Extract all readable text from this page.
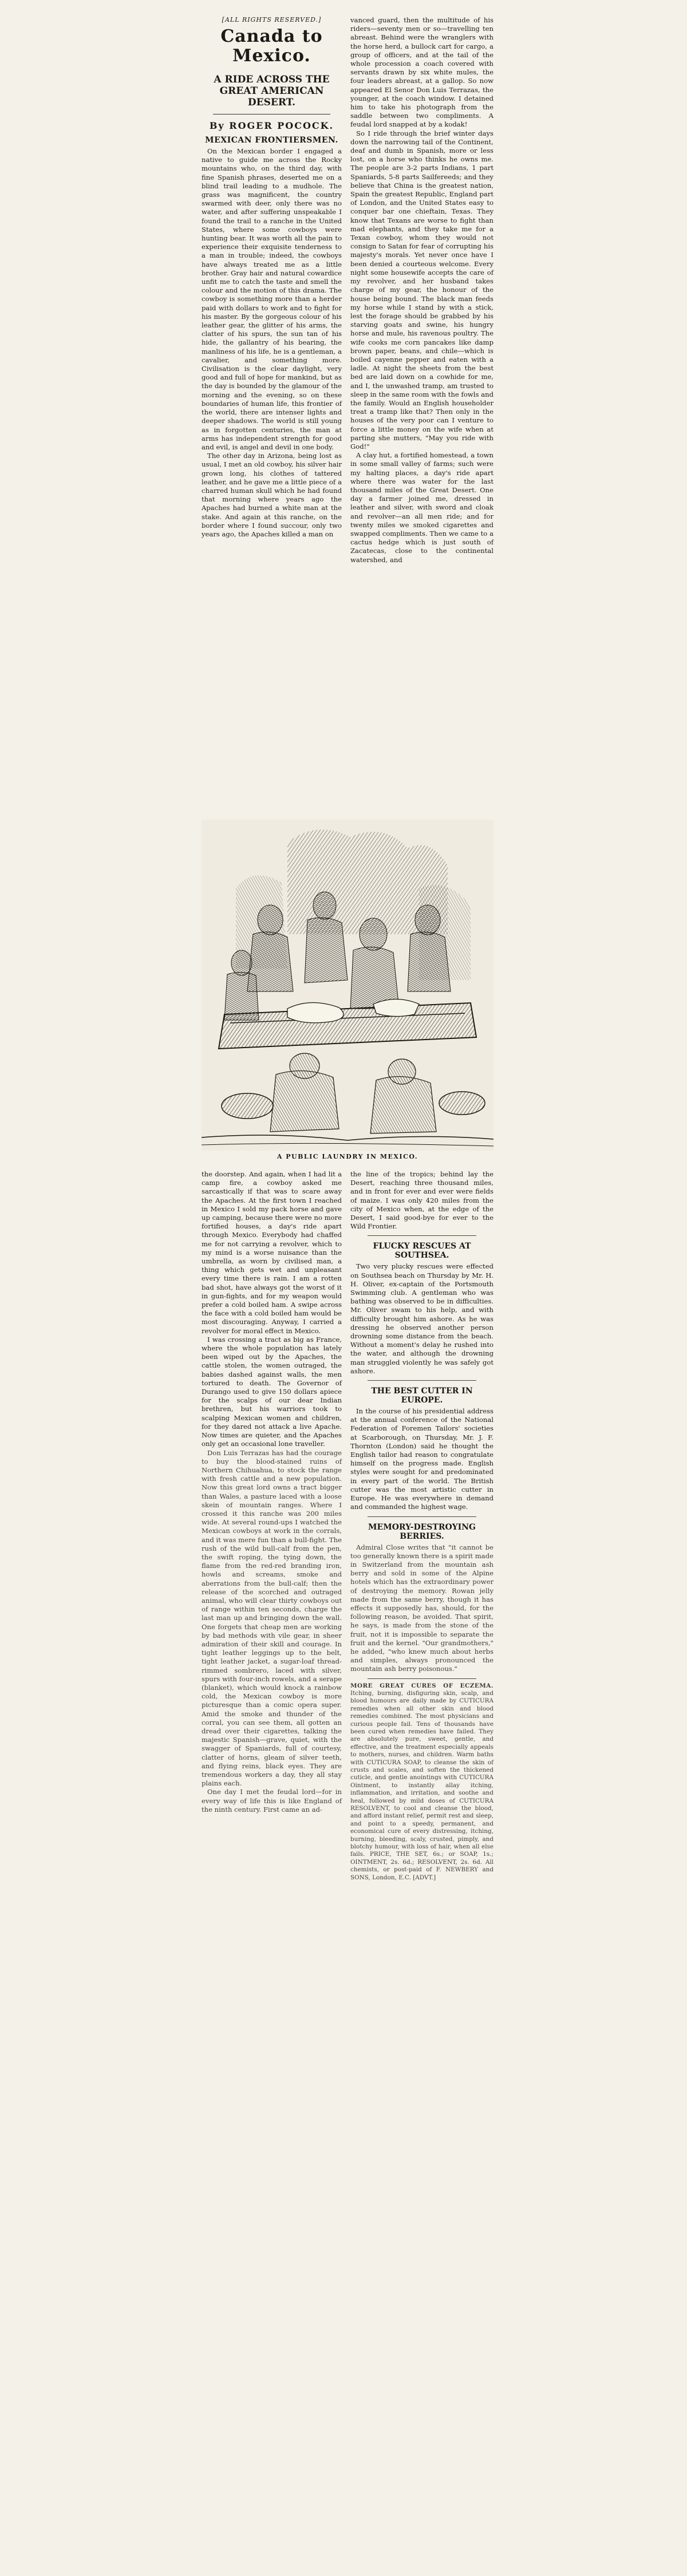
[ALL RIGHTS RESERVED.]
Canada to Mexico.
A RIDE ACROSS THE GREAT AMERICAN DESERT.
By ROGER POCOCK.
MEXICAN FRONTIERSMEN.

On the Mexican border I engaged a native to guide me across the Rocky mountains who, on the third day, with fine Spanish phrases, deserted me on a blind trail leading to a mudhole. The grass was magnificent, the country swarmed with deer, only there was no water, and after suffering unspeakable I found the trail to a ranche in the United States, where some cowboys were hunting bear. It was worth all the pain to experience their exquisite tenderness to a man in trouble; indeed, the cowboys have always treated me as a little brother. Gray hair and natural cowardice unfit me to catch the taste and smell the colour and the motion of this drama. The cowboy is something more than a herder paid with dollars to work and to fight for his master. By the gorgeous colour of his leather gear, the glitter of his arms, the clatter of his spurs, the sun tan of his hide, the gallantry of his bearing, the manliness of his life, he is a gentleman, a cavalier, and something more. Civilisation is the clear daylight, very good and full of hope for mankind, but as the day is bounded by the glamour of the morning and the evening, so on these boundaries of human life, this frontier of the world, there are intenser lights and deeper shadows. The world is still young as in forgotten centuries, the man at arms has independent strength for good and evil, is angel and devil in one body.

The other day in Arizona, being lost as usual, I met an old cowboy, his silver hair grown long, his clothes of tattered leather, and he gave me a little piece of a charred human skull which he had found that morning where years ago the Apaches had burned a white man at the stake. And again at this ranche, on the border where I found succour, only two years ago, the Apaches killed a man on

vanced guard, then the multitude of his riders—seventy men or so—travelling ten abreast. Behind were the wranglers with the horse herd, a bullock cart for cargo, a group of officers, and at the tail of the whole procession a coach covered with servants drawn by six white mules, the four leaders abreast, at a gallop. So now appeared El Senor Don Luis Terrazas, the younger, at the coach window. I detained him to take his photograph from the saddle between two compliments. A feudal lord snapped at by a kodak!

So I ride through the brief winter days down the narrowing tail of the Continent, deaf and dumb in Spanish, more or less lost, on a horse who thinks he owns me. The people are 3-2 parts Indians, 1 part Spaniards, 5-8 parts Sailfereeds; and they believe that China is the greatest nation, Spain the greatest Republic, England part of London, and the United States easy to conquer bar one chieftain, Texas. They know that Texans are worse to fight than mad elephants, and they take me for a Texan cowboy, whom they would not consign to Satan for fear of corrupting his majesty's morals. Yet never once have I been denied a courteous welcome. Every night some housewife accepts the care of my revolver, and her husband takes charge of my gear, the honour of the house being bound. The black man feeds my horse while I stand by with a stick, lest the forage should be grabbed by his starving goats and swine, his hungry horse and mule, his ravenous poultry. The wife cooks me corn pancakes like damp brown paper, beans, and chile—which is boiled cayenne pepper and eaten with a ladle. At night the sheets from the best bed are laid down on a cowhide for me, and I, the unwashed tramp, am trusted to sleep in the same room with the fowls and the family. Would an English householder treat a tramp like that? Then only in the houses of the very poor can I venture to force a little money on the wife when at parting she mutters, "May you ride with God!"

A clay hut, a fortified homestead, a town in some small valley of farms; such were my halting places, a day's ride apart where there was water for the last thousand miles of the Great Desert. One day a farmer joined me, dressed in leather and silver, with sword and cloak and revolver—an all men ride; and for twenty miles we smoked cigarettes and swapped compliments. Then we came to a cactus hedge which is just south of Zacatecas, close to the continental watershed, and

A PUBLIC LAUNDRY IN MEXICO.

the doorstep. And again, when I had lit a camp fire, a cowboy asked me sarcastically if that was to scare away the Apaches. At the first town I reached in Mexico I sold my pack horse and gave up camping, because there were no more fortified houses, a day's ride apart through Mexico. Everybody had chaffed me for not carrying a revolver, which to my mind is a worse nuisance than the umbrella, as worn by civilised man, a thing which gets wet and unpleasant every time there is rain. I am a rotten bad shot, have always got the worst of it in gun-fights, and for my weapon would prefer a cold boiled ham. A swipe across the face with a cold boiled ham would be most discouraging. Anyway, I carried a revolver for moral effect in Mexico.

I was crossing a tract as big as France, where the whole population has lately been wiped out by the Apaches, the cattle stolen, the women outraged, the babies dashed against walls, the men tortured to death. The Governor of Durango used to give 150 dollars apiece for the scalps of our dear Indian brethren, but his warriors took to scalping Mexican women and children, for they dared not attack a live Apache. Now times are quieter, and the Apaches only get an occasional lone traveller.

Don Luis Terrazas has had the courage to buy the blood-stained ruins of Northern Chihuahua, to stock the range with fresh cattle and a new population. Now this great lord owns a tract bigger than Wales, a pasture laced with a loose skein of mountain ranges. Where I crossed it this ranche was 200 miles wide. At several round-ups I watched the Mexican cowboys at work in the corrals, and it was mere fun than a bull-fight. The rush of the wild bull-calf from the pen, the swift roping, the tying down, the flame from the red-red branding iron, howls and screams, smoke and aberrations from the bull-calf; then the release of the scorched and outraged animal, who will clear thirty cowboys out of range within ten seconds, charge the last man up and bringing down the wall. One forgets that cheap men are working by bad methods with vile gear, in sheer admiration of their skill and courage. In tight leather leggings up to the belt, tight leather jacket, a sugar-loaf thread-rimmed sombrero, laced with silver, spurs with four-inch rowels, and a serape (blanket), which would knock a rainbow cold, the Mexican cowboy is more picturesque than a comic opera super. Amid the smoke and thunder of the corral, you can see them, all gotten an dread over their cigarettes, talking the majestic Spanish—grave, quiet, with the swagger of Spaniards, full of courtesy, clatter of horns, gleam of silver teeth, and flying reins, black eyes. They are tremendous workers a day, they all stay plains each.

One day I met the feudal lord—for in every way of life this is like England of the ninth century. First came an ad-

the line of the tropics; behind lay the Desert, reaching three thousand miles, and in front for ever and ever were fields of maize. I was only 420 miles from the city of Mexico when, at the edge of the Desert, I said good-bye for ever to the Wild Frontier.

FLUCKY RESCUES AT SOUTHSEA.

Two very plucky rescues were effected on Southsea beach on Thursday by Mr. H. H. Oliver, ex-captain of the Portsmouth Swimming club. A gentleman who was bathing was observed to be in difficulties. Mr. Oliver swam to his help, and with difficulty brought him ashore. As he was dressing he observed another person drowning some distance from the beach. Without a moment's delay he rushed into the water, and although the drowning man struggled violently he was safely got ashore.

THE BEST CUTTER IN EUROPE.

In the course of his presidential address at the annual conference of the National Federation of Foremen Tailors' societies at Scarborough, on Thursday, Mr. J. F. Thornton (London) said he thought the English tailor had reason to congratulate himself on the progress made. English styles were sought for and predominated in every part of the world. The British cutter was the most artistic cutter in Europe. He was everywhere in demand and commanded the highest wage.

MEMORY-DESTROYING BERRIES.

Admiral Close writes that "it cannot be too generally known there is a spirit made in Switzerland from the mountain ash berry and sold in some of the Alpine hotels which has the extraordinary power of destroying the memory. Rowan jelly made from the same berry, though it has effects it supposedly has, should, for the following reason, be avoided. That spirit, he says, is made from the stone of the fruit, not it is impossible to separate the fruit and the kernel. "Our grandmothers," he added, "who knew much about herbs and simples, always pronounced the mountain ash berry poisonous."

MORE GREAT CURES OF ECZEMA. Itching, burning, disfiguring skin, scalp, and blood humours are daily made by CUTICURA remedies when all other skin and blood remedies combined. The most physicians and curious people fail. Tens of thousands have been cured when remedies have failed. They are absolutely pure, sweet, gentle, and effective, and the treatment especially appeals to mothers, nurses, and children. Warm baths with CUTICURA SOAP, to cleanse the skin of crusts and scales, and soften the thickened cuticle, and gentle anointings with CUTICURA Ointment, to instantly allay itching, inflammation, and irritation, and soothe and heal, followed by mild doses of CUTICURA RESOLVENT, to cool and cleanse the blood, and afford instant relief, permit rest and sleep, and point to a speedy, permanent, and economical cure of every distressing, itching, burning, bleeding, scaly, crusted, pimply, and blotchy humour, with loss of hair, when all else fails. PRICE, THE SET, 6s.; or SOAP, 1s.; OINTMENT, 2s. 6d.; RESOLVENT, 2s. 6d. All chemists, or post-paid of F. NEWBERY and SONS, London, E.C. [ADVT.]
